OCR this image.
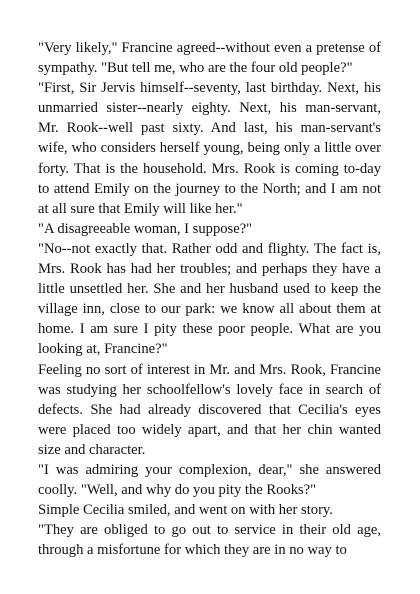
"Very likely," Francine agreed--without even a pretense of sympathy. "But tell me, who are the four old people?"

"First, Sir Jervis himself--seventy, last birthday. Next, his unmarried sister--nearly eighty. Next, his man-servant, Mr. Rook--well past sixty. And last, his man-servant's wife, who considers herself young, being only a little over forty. That is the household. Mrs. Rook is coming to-day to attend Emily on the journey to the North; and I am not at all sure that Emily will like her."

"A disagreeable woman, I suppose?"

"No--not exactly that. Rather odd and flighty. The fact is, Mrs. Rook has had her troubles; and perhaps they have a little unsettled her. She and her husband used to keep the village inn, close to our park: we know all about them at home. I am sure I pity these poor people. What are you looking at, Francine?"

Feeling no sort of interest in Mr. and Mrs. Rook, Francine was studying her schoolfellow's lovely face in search of defects. She had already discovered that Cecilia's eyes were placed too widely apart, and that her chin wanted size and character.

"I was admiring your complexion, dear," she answered coolly. "Well, and why do you pity the Rooks?"

Simple Cecilia smiled, and went on with her story.

"They are obliged to go out to service in their old age, through a misfortune for which they are in no way to
